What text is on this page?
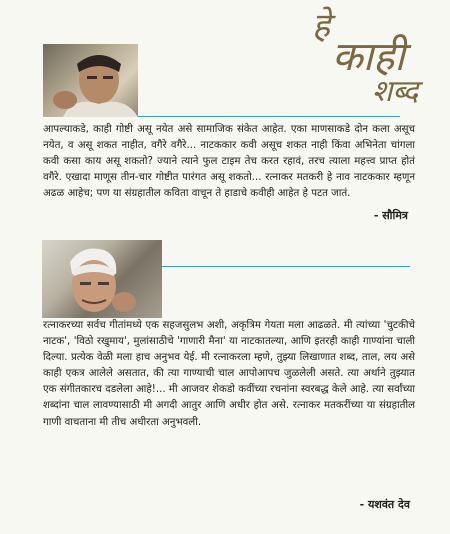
हे
काही
शब्द
आपल्याकडे, काही गोष्टी असू नयेत असे सामाजिक संकेत आहेत. एका माणसाकडे दोन कला असूच नयेत, व असू शकत नाहीत, वगैरे वगैरे... नाटककार कवी असूच शकत नाही किंवा अभिनेता चांगला कवी कसा काय असू शकतो? ज्याने त्याने फुल टाइम तेच करत रहावं, तरच त्याला महत्त्व प्राप्त होतं वगैरे. एखादा माणूस तीन-चार गोष्टीत पारंगत असू शकतो... रत्नाकर मतकरी हे नाव नाटककार म्हणून अढळ आहेच; पण या संग्रहातील कविता वाचून ते हाडाचे कवीही आहेत हे पटत जातं.
- सौमित्र
रत्नाकरच्या सर्वच गीतांमध्ये एक सहजसुलभ अशी, अकृत्रिम गेयता मला आढळते. मी त्यांच्या 'चुटकीचे नाटक', 'विठो रखुमाय', मुलांसाठीचे 'गाणारी मैना' या नाटकातल्या, आणि इतरही काही गाण्यांना चाली दिल्या. प्रत्येक वेळी मला हाच अनुभव येई. मी रत्नाकरला म्हणे, तुझ्या लिखाणात शब्द, ताल, लय असे काही एकत्र आलेले असतात, की त्या गाण्याची चाल आपोआपच जुळलेली असते. त्या अर्थाने तुझ्यात एक संगीतकारच दडलेला आहे!... मी आजवर शेकडो कवींच्या रचनांना स्वरबद्ध केले आहे. त्या सर्वांच्या शब्दांना चाल लावण्यासाठी मी अगदी आतुर आणि अधीर होत असे. रत्नाकर मतकरींच्या या संग्रहातील गाणी वाचताना मी तीच अधीरता अनुभवली.
- यशवंत देव
